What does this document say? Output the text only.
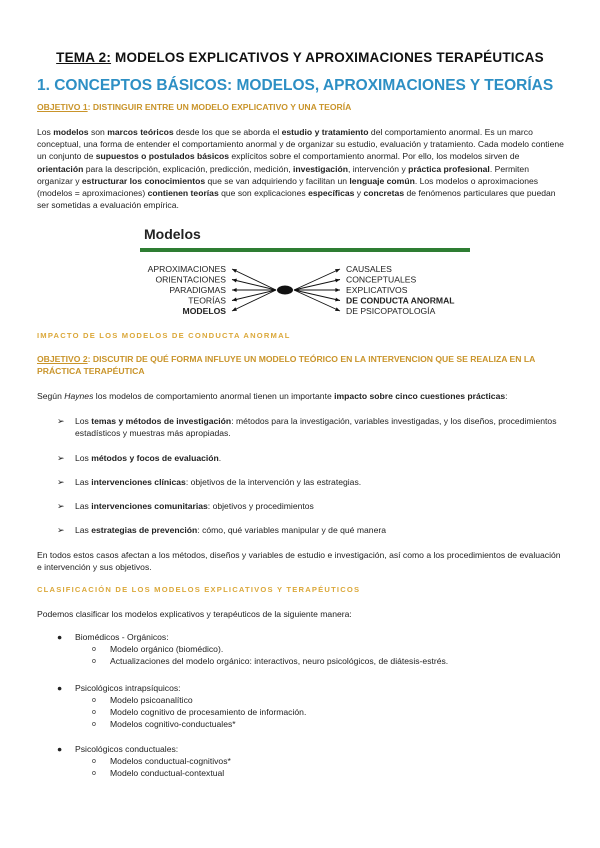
TEMA 2: MODELOS EXPLICATIVOS Y APROXIMACIONES TERAPÉUTICAS
1. CONCEPTOS BÁSICOS: MODELOS, APROXIMACIONES Y TEORÍAS
OBJETIVO 1: DISTINGUIR ENTRE UN MODELO EXPLICATIVO Y UNA TEORÍA
Los modelos son marcos teóricos desde los que se aborda el estudio y tratamiento del comportamiento anormal. Es un marco conceptual, una forma de entender el comportamiento anormal y de organizar su estudio, evaluación y tratamiento. Cada modelo contiene un conjunto de supuestos o postulados básicos explícitos sobre el comportamiento anormal. Por ello, los modelos sirven de orientación para la descripción, explicación, predicción, medición, investigación, intervención y práctica profesional. Permiten organizar y estructurar los conocimientos que se van adquiriendo y facilitan un lenguaje común. Los modelos o aproximaciones (modelos = aproximaciones) contienen teorías que son explicaciones específicas y concretas de fenómenos particulares que puedan ser sometidas a evaluación empírica.
Modelos
APROXIMACIONES
ORIENTACIONES
PARADIGMAS
TEORÍAS
MODELOS
CAUSALES
CONCEPTUALES
EXPLICATIVOS
DE CONDUCTA ANORMAL
DE PSICOPATOLOGÍA
IMPACTO DE LOS MODELOS DE CONDUCTA ANORMAL
OBJETIVO 2: DISCUTIR DE QUÉ FORMA INFLUYE UN MODELO TEÓRICO EN LA INTERVENCION QUE SE REALIZA EN LA PRÁCTICA TERAPÉUTICA
Según Haynes los modelos de comportamiento anormal tienen un importante impacto sobre cinco cuestiones prácticas:
➢ Los temas y métodos de investigación: métodos para la investigación, variables investigadas, y los diseños, procedimientos estadísticos y muestras más apropiadas.
➢ Los métodos y focos de evaluación.
➢ Las intervenciones clínicas: objetivos de la intervención y las estrategias.
➢ Las intervenciones comunitarias: objetivos y procedimientos
➢ Las estrategias de prevención: cómo, qué variables manipular y de qué manera
En todos estos casos afectan a los métodos, diseños y variables de estudio e investigación, así como a los procedimientos de evaluación e intervención y sus objetivos.
CLASIFICACIÓN DE LOS MODELOS EXPLICATIVOS Y TERAPÉUTICOS
Podemos clasificar los modelos explicativos y terapéuticos de la siguiente manera:
● Biomédicos - Orgánicos:
o Modelo orgánico (biomédico).
o Actualizaciones del modelo orgánico: interactivos, neuro psicológicos, de diátesis-estrés.
● Psicológicos intrapsíquicos:
o Modelo psicoanalítico
o Modelo cognitivo de procesamiento de información.
o Modelos cognitivo-conductuales*
● Psicológicos conductuales:
o Modelos conductual-cognitivos*
o Modelo conductual-contextual
